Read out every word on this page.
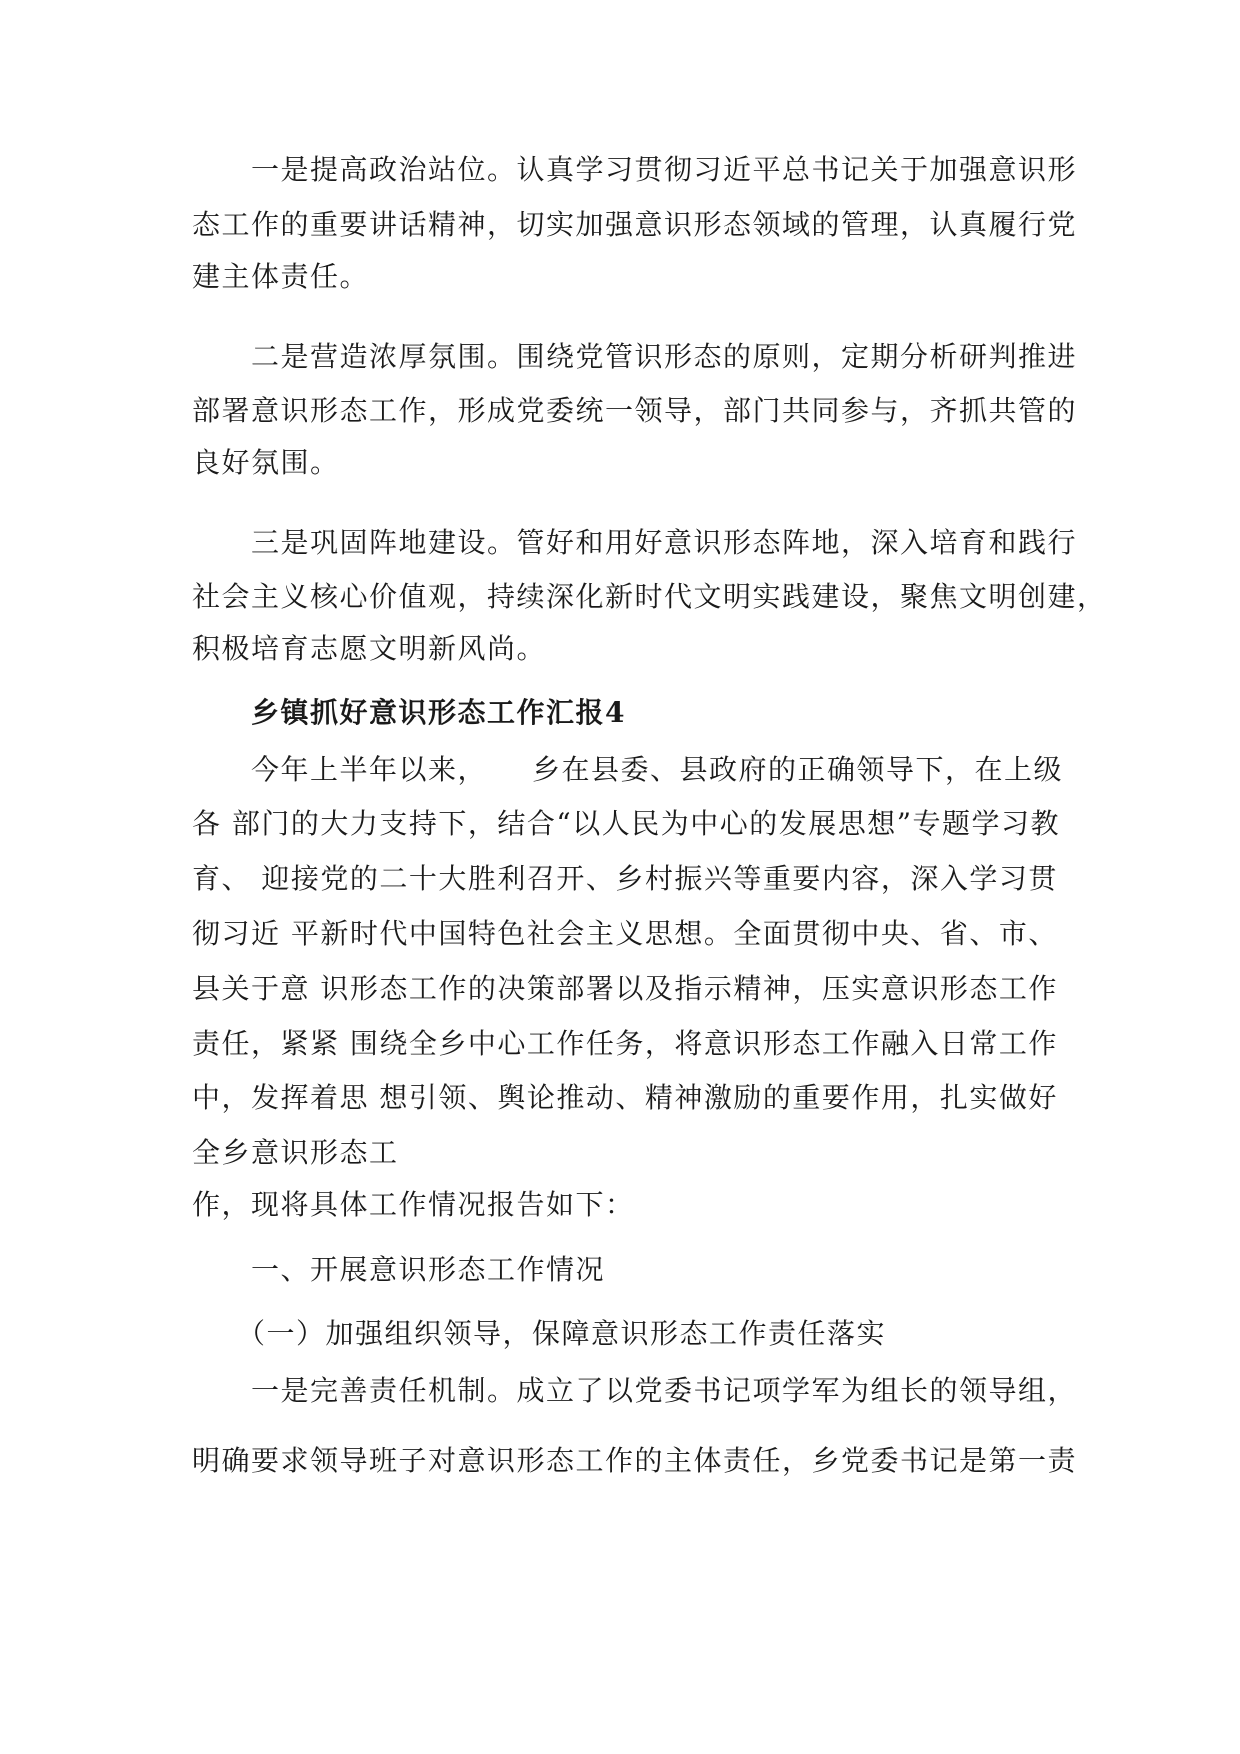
　　一是提高政治站位。认真学习贯彻习近平总书记关于加强意识形
态工作的重要讲话精神，切实加强意识形态领域的管理，认真履行党
建主体责任。
　　二是营造浓厚氛围。围绕党管识形态的原则，定期分析研判推进
部署意识形态工作，形成党委统一领导，部门共同参与，齐抓共管的
良好氛围。
　　三是巩固阵地建设。管好和用好意识形态阵地，深入培育和践行
社会主义核心价值观，持续深化新时代文明实践建设，聚焦文明创建，
积极培育志愿文明新风尚。
　　乡镇抓好意识形态工作汇报4
　　今年上半年以来，　　乡在县委、县政府的正确领导下，在上级
各 部门的大力支持下，结合“以人民为中心的发展思想”专题学习教
育、 迎接党的二十大胜利召开、乡村振兴等重要内容，深入学习贯
彻习近 平新时代中国特色社会主义思想。全面贯彻中央、省、市、
县关于意 识形态工作的决策部署以及指示精神，压实意识形态工作
责任，紧紧 围绕全乡中心工作任务，将意识形态工作融入日常工作
中，发挥着思 想引领、舆论推动、精神激励的重要作用，扎实做好
全乡意识形态工
作，现将具体工作情况报告如下：
　　一、开展意识形态工作情况
　　（一）加强组织领导，保障意识形态工作责任落实
　　一是完善责任机制。成立了以党委书记项学军为组长的领导组，
明确要求领导班子对意识形态工作的主体责任，乡党委书记是第一责
